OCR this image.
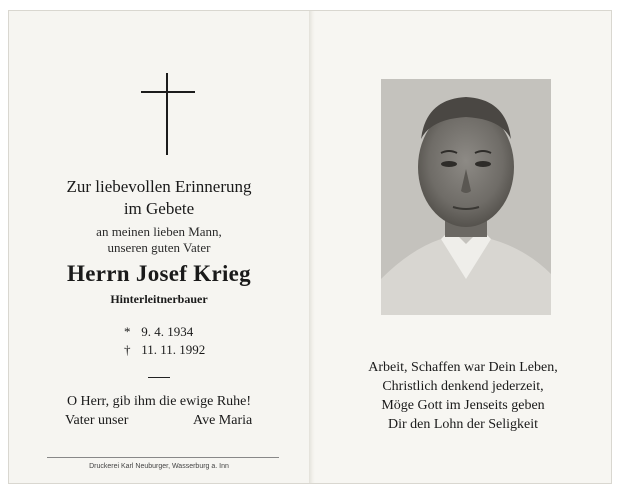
Zur liebevollen Erinnerung
im Gebete
an meinen lieben Mann,
unseren guten Vater
Herrn Josef Krieg
Hinterleitnerbauer
* 9. 4. 1934
† 11. 11. 1992
O Herr, gib ihm die ewige Ruhe!
Vater unser	Ave Maria
Druckerei Karl Neuburger, Wasserburg a. Inn
Arbeit, Schaffen war Dein Leben,
Christlich denkend jederzeit,
Möge Gott im Jenseits geben
Dir den Lohn der Seligkeit
